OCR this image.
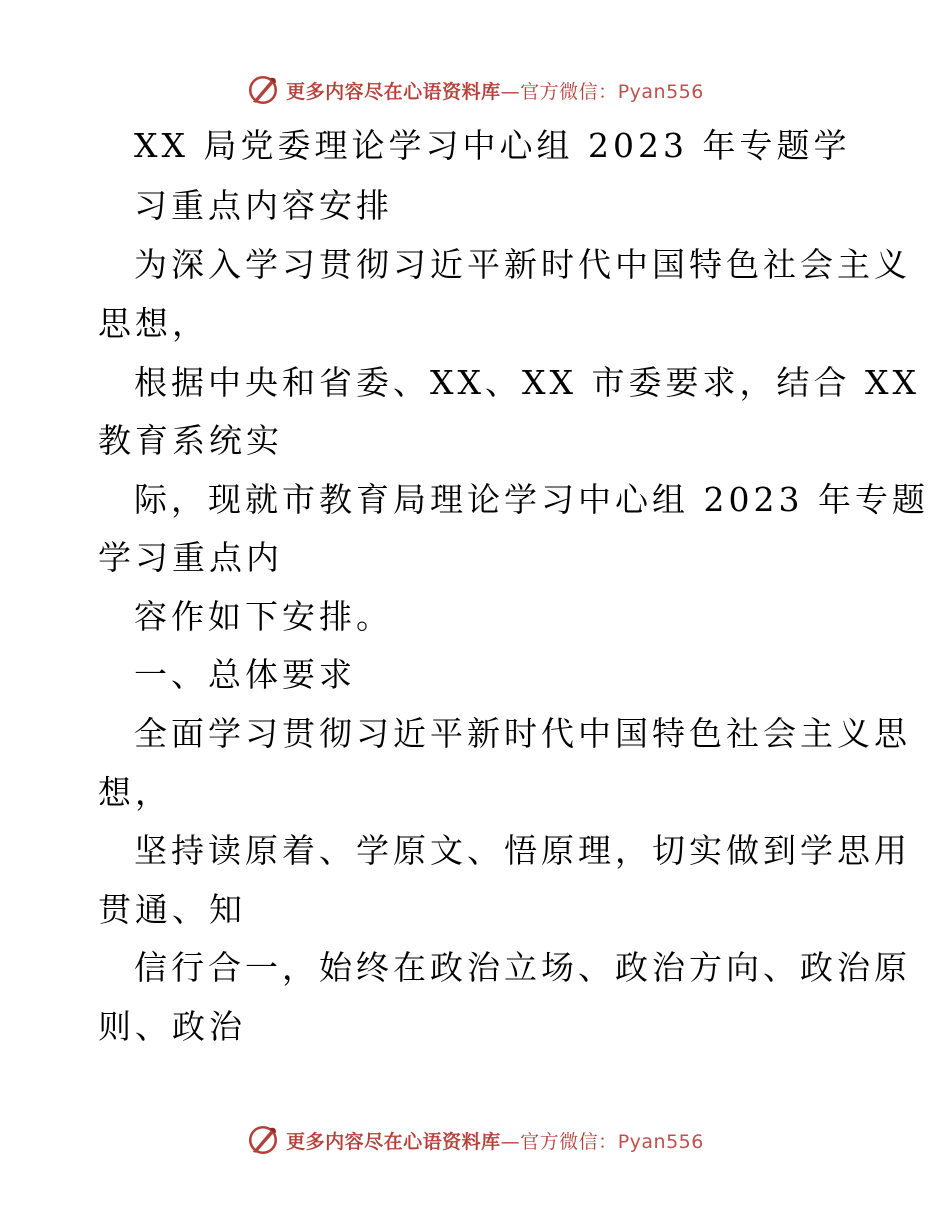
更多内容尽在心语资料库—官方微信：Pyan556
XX 局党委理论学习中心组 2023 年专题学
习重点内容安排
为深入学习贯彻习近平新时代中国特色社会主义
思想，
根据中央和省委、XX、XX 市委要求，结合 XX
教育系统实
际，现就市教育局理论学习中心组 2023 年专题
学习重点内
容作如下安排。
一、总体要求
全面学习贯彻习近平新时代中国特色社会主义思
想，
坚持读原着、学原文、悟原理，切实做到学思用
贯通、知
信行合一，始终在政治立场、政治方向、政治原
则、政治
更多内容尽在心语资料库—官方微信：Pyan556
